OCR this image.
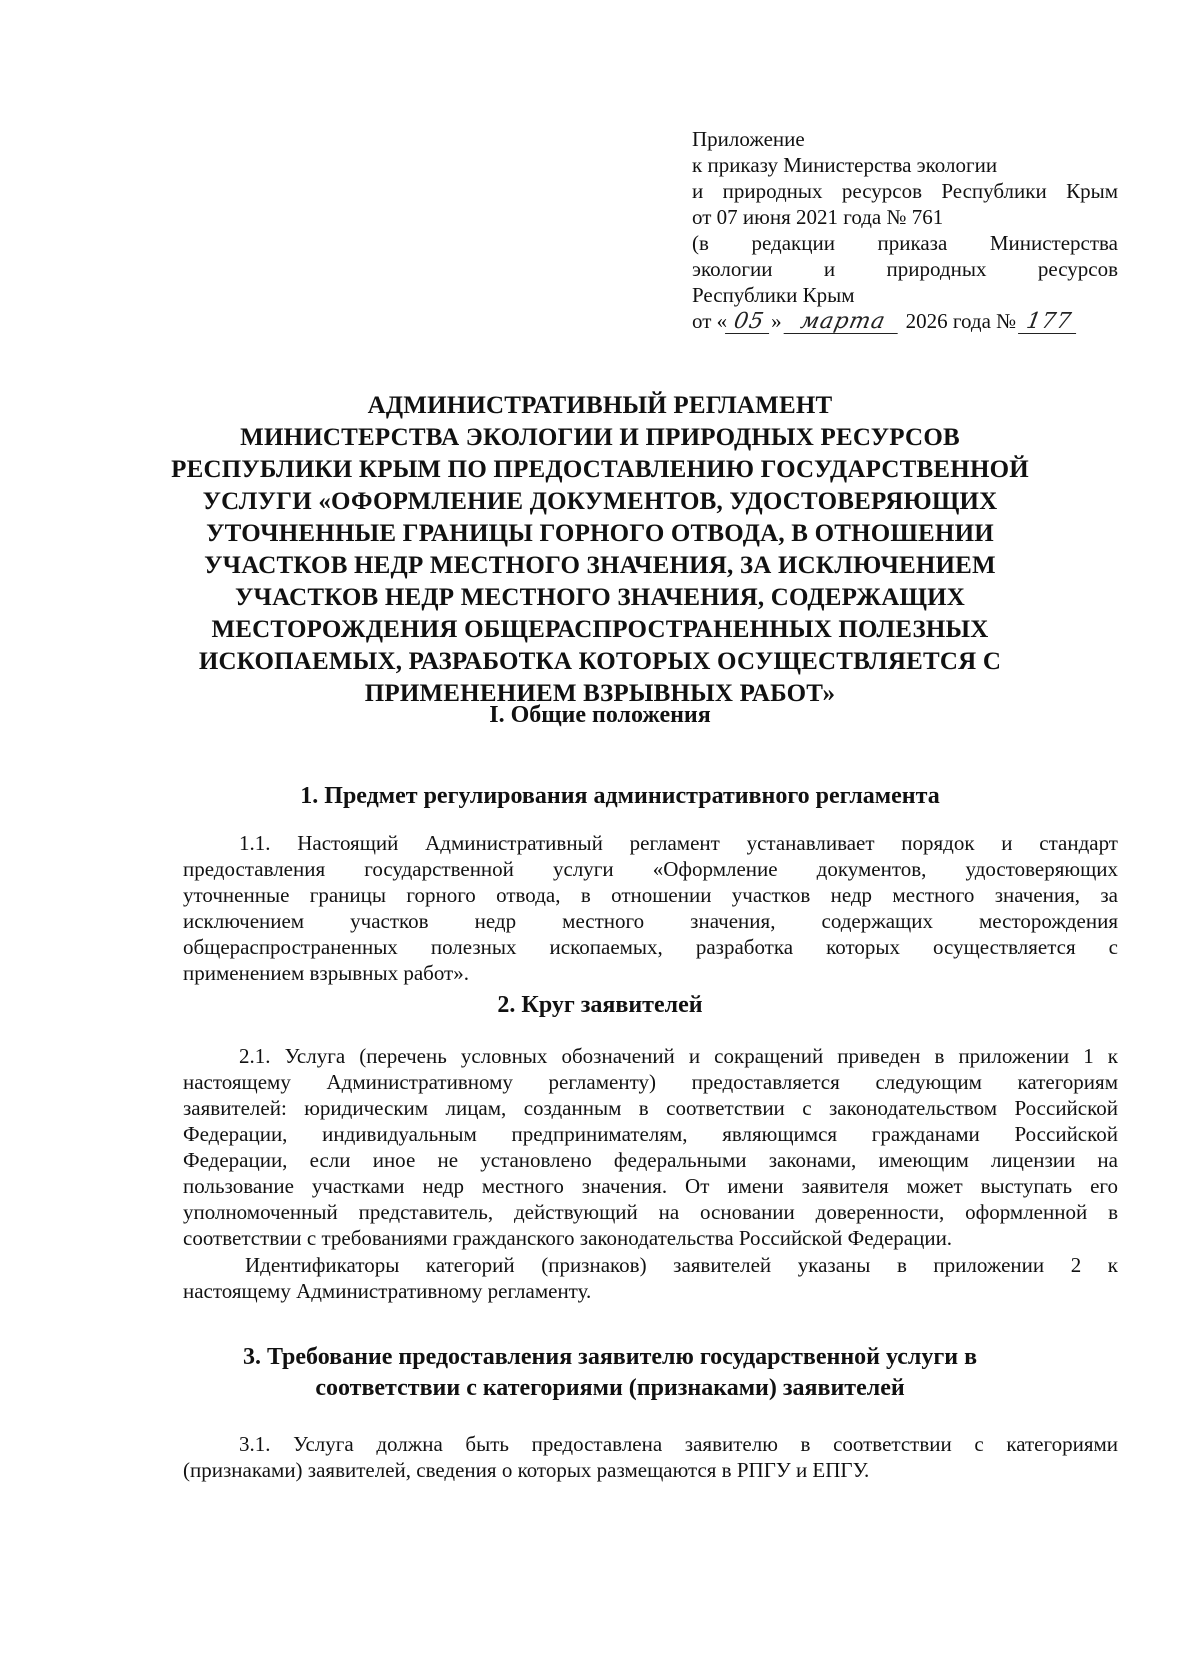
Приложение
к приказу Министерства экологии
и природных ресурсов Республики Крым
от 07 июня 2021 года № 761
(в редакции приказа Министерства
экологии и природных ресурсов
Республики Крым
от « 05 » марта 2026 года № 177
АДМИНИСТРАТИВНЫЙ РЕГЛАМЕНТ
МИНИСТЕРСТВА ЭКОЛОГИИ И ПРИРОДНЫХ РЕСУРСОВ
РЕСПУБЛИКИ КРЫМ ПО ПРЕДОСТАВЛЕНИЮ ГОСУДАРСТВЕННОЙ
УСЛУГИ «ОФОРМЛЕНИЕ ДОКУМЕНТОВ, УДОСТОВЕРЯЮЩИХ
УТОЧНЕННЫЕ ГРАНИЦЫ ГОРНОГО ОТВОДА, В ОТНОШЕНИИ
УЧАСТКОВ НЕДР МЕСТНОГО ЗНАЧЕНИЯ, ЗА ИСКЛЮЧЕНИЕМ
УЧАСТКОВ НЕДР МЕСТНОГО ЗНАЧЕНИЯ, СОДЕРЖАЩИХ
МЕСТОРОЖДЕНИЯ ОБЩЕРАСПРОСТРАНЕННЫХ ПОЛЕЗНЫХ
ИСКОПАЕМЫХ, РАЗРАБОТКА КОТОРЫХ ОСУЩЕСТВЛЯЕТСЯ С
ПРИМЕНЕНИЕМ ВЗРЫВНЫХ РАБОТ»
I. Общие положения
1. Предмет регулирования административного регламента
1.1. Настоящий Административный регламент устанавливает порядок и стандарт
предоставления государственной услуги «Оформление документов, удостоверяющих
уточненные границы горного отвода, в отношении участков недр местного значения, за
исключением участков недр местного значения, содержащих месторождения
общераспространенных полезных ископаемых, разработка которых осуществляется с
применением взрывных работ».
2. Круг заявителей
2.1. Услуга (перечень условных обозначений и сокращений приведен в приложении 1 к
настоящему Административному регламенту) предоставляется следующим категориям
заявителей: юридическим лицам, созданным в соответствии с законодательством Российской
Федерации, индивидуальным предпринимателям, являющимся гражданами Российской
Федерации, если иное не установлено федеральными законами, имеющим лицензии на
пользование участками недр местного значения. От имени заявителя может выступать его
уполномоченный представитель, действующий на основании доверенности, оформленной в
соответствии с требованиями гражданского законодательства Российской Федерации.
Идентификаторы категорий (признаков) заявителей указаны в приложении 2 к
настоящему Административному регламенту.
3. Требование предоставления заявителю государственной услуги в
соответствии с категориями (признаками) заявителей
3.1. Услуга должна быть предоставлена заявителю в соответствии с категориями
(признаками) заявителей, сведения о которых размещаются в РПГУ и ЕПГУ.
